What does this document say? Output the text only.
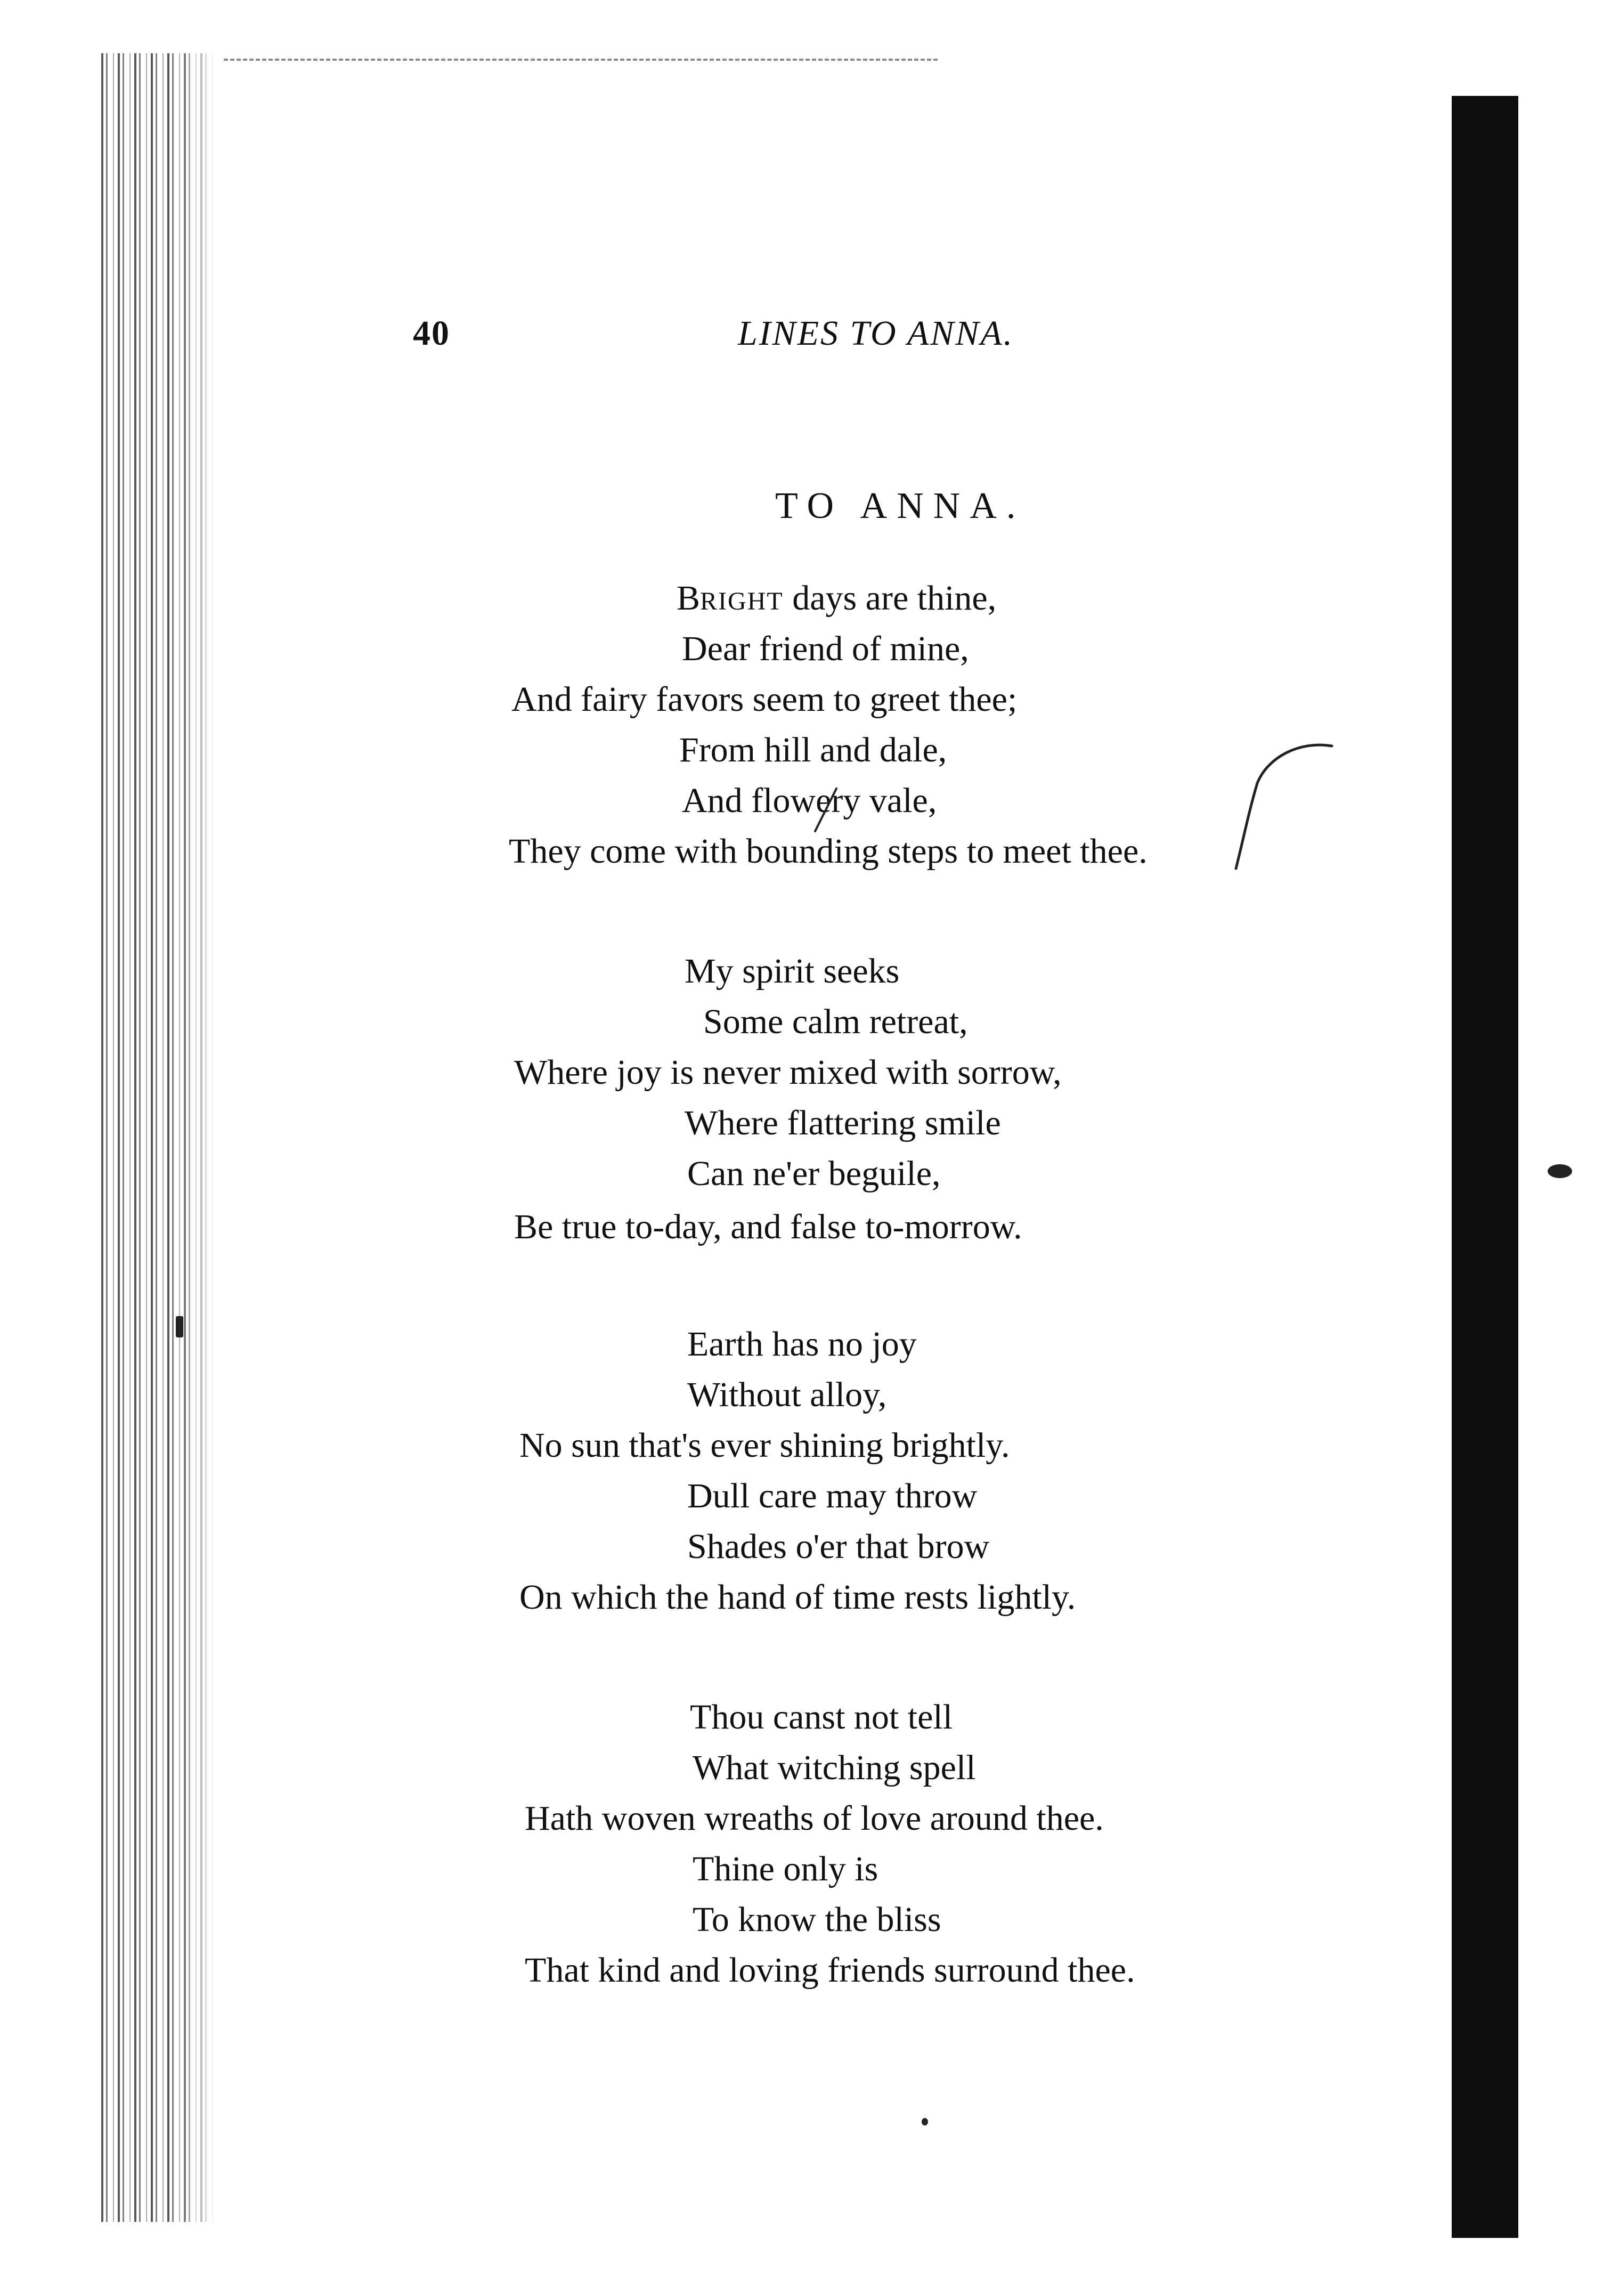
40	LINES TO ANNA.
TO ANNA.
BRIGHT days are thine,
Dear friend of mine,
And fairy favors seem to greet thee;
From hill and dale,
And flowery vale,
They come with bounding steps to meet thee.
My spirit seeks
Some calm retreat,
Where joy is never mixed with sorrow,
Where flattering smile
Can ne'er beguile,
Be true to-day, and false to-morrow.
Earth has no joy
Without alloy,
No sun that's ever shining brightly.
Dull care may throw
Shades o'er that brow
On which the hand of time rests lightly.
Thou canst not tell
What witching spell
Hath woven wreaths of love around thee.
Thine only is
To know the bliss
That kind and loving friends surround thee.
